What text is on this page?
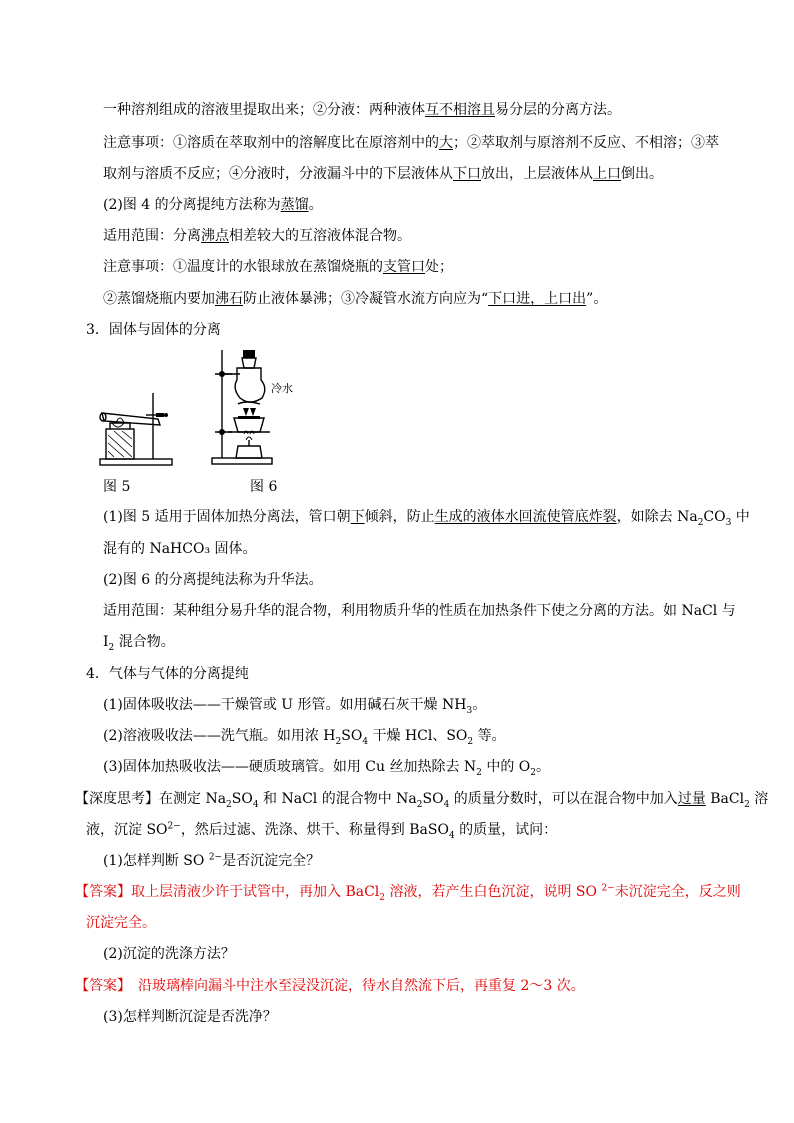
一种溶剂组成的溶液里提取出来；②分液：两种液体互不相溶且易分层的分离方法。
注意事项：①溶质在萃取剂中的溶解度比在原溶剂中的大；②萃取剂与原溶剂不反应、不相溶；③萃
取剂与溶质不反应；④分液时，分液漏斗中的下层液体从下口放出，上层液体从上口倒出。
(2)图 4 的分离提纯方法称为蒸馏。
适用范围：分离沸点相差较大的互溶液体混合物。
注意事项：①温度计的水银球放在蒸馏烧瓶的支管口处；
②蒸馏烧瓶内要加沸石防止液体暴沸；③冷凝管水流方向应为“下口进，上口出”。
3．固体与固体的分离
冷水
图 5	图 6
(1)图 5 适用于固体加热分离法，管口朝下倾斜，防止生成的液体水回流使管底炸裂，如除去 $Na_2CO_3$ 中
混有的 NaHCO₃ 固体。
(2)图 6 的分离提纯法称为升华法。
适用范围：某种组分易升华的混合物，利用物质升华的性质在加热条件下使之分离的方法。如 NaCl 与
$I_2$ 混合物。
4．气体与气体的分离提纯
(1)固体吸收法——干燥管或 U 形管。如用碱石灰干燥 $NH_3$。
(2)溶液吸收法——洗气瓶。如用浓 $H_2SO_4$ 干燥 HCl、$SO_2$ 等。
(3)固体加热吸收法——硬质玻璃管。如用 Cu 丝加热除去 $N_2$ 中的 $O_2$。
【深度思考】在测定 $Na_2SO_4$ 和 NaCl 的混合物中 $Na_2SO_4$ 的质量分数时，可以在混合物中加入过量 BaCl$_2$ 溶
液，沉淀 $SO^{2-}$，然后过滤、洗涤、烘干、称量得到 BaSO$_4$ 的质量，试问：
(1)怎样判断 SO $^{2-}$是否沉淀完全？
【答案】取上层清液少许于试管中，再加入 BaCl$_2$ 溶液，若产生白色沉淀，说明 SO $^{2-}$未沉淀完全，反之则
沉淀完全。
(2)沉淀的洗涤方法？
【答案】　沿玻璃棒向漏斗中注水至浸没沉淀，待水自然流下后，再重复 2～3 次。
(3)怎样判断沉淀是否洗净？
